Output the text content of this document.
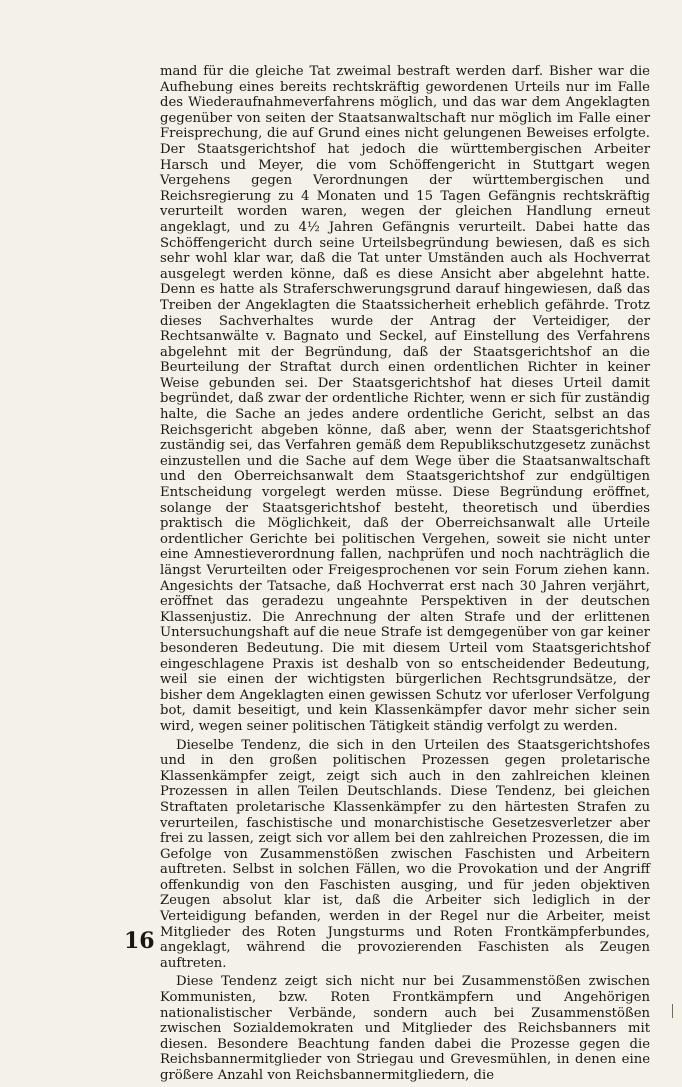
mand für die gleiche Tat zweimal bestraft werden darf. Bisher war die Aufhebung eines bereits rechtskräftig gewordenen Urteils nur im Falle des Wiederaufnahmeverfahrens möglich, und das war dem Angeklagten gegenüber von seiten der Staatsanwaltschaft nur möglich im Falle einer Freisprechung, die auf Grund eines nicht gelungenen Beweises erfolgte. Der Staatsgerichtshof hat jedoch die württembergischen Arbeiter Harsch und Meyer, die vom Schöffengericht in Stuttgart wegen Vergehens gegen Verordnungen der württembergischen und Reichsregierung zu 4 Monaten und 15 Tagen Gefängnis rechtskräftig verurteilt worden waren, wegen der gleichen Handlung erneut angeklagt, und zu 4½ Jahren Gefängnis verurteilt. Dabei hatte das Schöffengericht durch seine Urteilsbegründung bewiesen, daß es sich sehr wohl klar war, daß die Tat unter Umständen auch als Hochverrat ausgelegt werden könne, daß es diese Ansicht aber abgelehnt hatte. Denn es hatte als Straferschwerungsgrund darauf hingewiesen, daß das Treiben der Angeklagten die Staatssicherheit erheblich gefährde. Trotz dieses Sachverhaltes wurde der Antrag der Verteidiger, der Rechtsanwälte v. Bagnato und Seckel, auf Einstellung des Verfahrens abgelehnt mit der Begründung, daß der Staatsgerichtshof an die Beurteilung der Straftat durch einen ordentlichen Richter in keiner Weise gebunden sei. Der Staatsgerichtshof hat dieses Urteil damit begründet, daß zwar der ordentliche Richter, wenn er sich für zuständig halte, die Sache an jedes andere ordentliche Gericht, selbst an das Reichsgericht abgeben könne, daß aber, wenn der Staatsgerichtshof zuständig sei, das Verfahren gemäß dem Republikschutzgesetz zunächst einzustellen und die Sache auf dem Wege über die Staatsanwaltschaft und den Oberreichsanwalt dem Staatsgerichtshof zur endgültigen Entscheidung vorgelegt werden müsse. Diese Begründung eröffnet, solange der Staatsgerichtshof besteht, theoretisch und überdies praktisch die Möglichkeit, daß der Oberreichsanwalt alle Urteile ordentlicher Gerichte bei politischen Vergehen, soweit sie nicht unter eine Amnestieverordnung fallen, nachprüfen und noch nachträglich die längst Verurteilten oder Freigesprochenen vor sein Forum ziehen kann. Angesichts der Tatsache, daß Hochverrat erst nach 30 Jahren verjährt, eröffnet das geradezu ungeahnte Perspektiven in der deutschen Klassenjustiz. Die Anrechnung der alten Strafe und der erlittenen Untersuchungshaft auf die neue Strafe ist demgegenüber von gar keiner besonderen Bedeutung. Die mit diesem Urteil vom Staatsgerichtshof eingeschlagene Praxis ist deshalb von so entscheidender Bedeutung, weil sie einen der wichtigsten bürgerlichen Rechtsgrundsätze, der bisher dem Angeklagten einen gewissen Schutz vor uferloser Verfolgung bot, damit beseitigt, und kein Klassenkämpfer davor mehr sicher sein wird, wegen seiner politischen Tätigkeit ständig verfolgt zu werden.

Dieselbe Tendenz, die sich in den Urteilen des Staatsgerichtshofes und in den großen politischen Prozessen gegen proletarische Klassenkämpfer zeigt, zeigt sich auch in den zahlreichen kleinen Prozessen in allen Teilen Deutschlands. Diese Tendenz, bei gleichen Straftaten proletarische Klassenkämpfer zu den härtesten Strafen zu verurteilen, faschistische und monarchistische Gesetzesverletzer aber frei zu lassen, zeigt sich vor allem bei den zahlreichen Prozessen, die im Gefolge von Zusammenstößen zwischen Faschisten und Arbeitern auftreten. Selbst in solchen Fällen, wo die Provokation und der Angriff offenkundig von den Faschisten ausging, und für jeden objektiven Zeugen absolut klar ist, daß die Arbeiter sich lediglich in der Verteidigung befanden, werden in der Regel nur die Arbeiter, meist Mitglieder des Roten Jungsturms und Roten Frontkämpferbundes, angeklagt, während die provozierenden Faschisten als Zeugen auftreten.

Diese Tendenz zeigt sich nicht nur bei Zusammenstößen zwischen Kommunisten, bzw. Roten Frontkämpfern und Angehörigen nationalistischer Verbände, sondern auch bei Zusammenstößen zwischen Sozialdemokraten und Mitglieder des Reichsbanners mit diesen. Besondere Beachtung fanden dabei die Prozesse gegen die Reichsbannermitglieder von Striegau und Grevesmühlen, in denen eine größere Anzahl von Reichsbannermitgliedern, die

16
